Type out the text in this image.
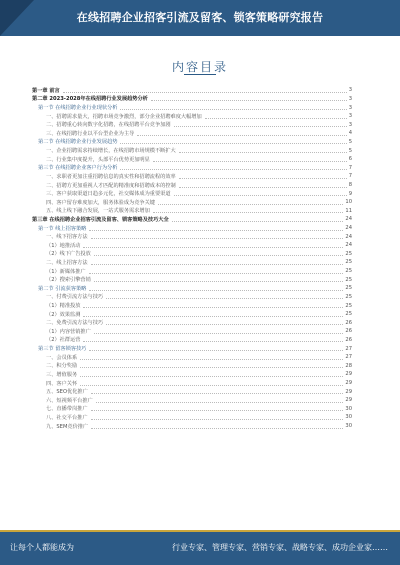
在线招聘企业招客引流及留客、锁客策略研究报告
内容目录
第一章 前言	3
第二章 2023-2028年在线招聘行业发展趋势分析	3
第一节 在线招聘企业行业现状分析	3
一、招聘需求量大，招聘市场竞争激烈，部分企业招聘难度大幅增加	3
二、招聘重心转向数字化招聘，在线招聘平台竞争加剧	3
三、在线招聘行业以平台型企业为主导	4
第二节 在线招聘企业行业发展趋势	5
一、企业招聘需求持续增长，在线招聘市场规模不断扩大	5
二、行业集中度提升，头部平台优势更加明显	6
第三节 在线招聘企业客户行为分析	7
一、求职者更加注重招聘信息的真实性和招聘流程的效率	7
二、招聘方更加重视人才匹配的精准度和招聘成本的控制	8
三、客户获取渠道日趋多元化，社交媒体成为重要渠道	9
四、客户留存难度加大，服务体验成为竞争关键	10
五、线上线下融合发展，一站式服务需求增加	11
第三章 在线招聘企业招客引流及留客、锁客策略及技巧大全	24
第一节 线上招客策略	24
一、线下招客方法	24
（1）地推活动	24
（2）线下广告投放	25
二、线上招客方法	25
（1）新媒体推广	25
（2）搜索引擎营销	25
第二节 引流获客策略	25
一、付费引流方法与技巧	25
（1）精准投放	25
（2）效果监测	25
二、免费引流方法与技巧	26
（1）内容营销推广	26
（2）社群运营	26
第三节 留客锁客技巧	27
一、会员体系	27
二、积分奖励	28
三、增值服务	29
四、客户关怀	29
五、SEO优化推广	29
六、短视频平台推广	29
七、直播带岗推广	30
八、社交平台推广	30
九、SEM竞价推广	30
让每个人都能成为	行业专家、管理专家、营销专家、战略专家、成功企业家……
